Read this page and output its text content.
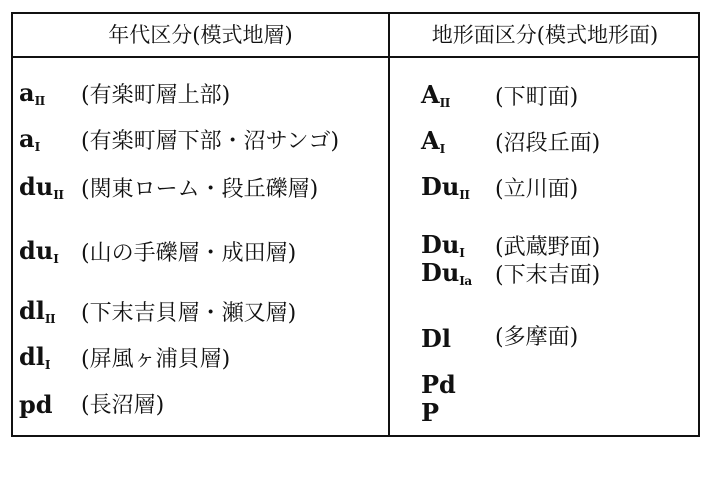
年代区分(模式地層)	地形面区分(模式地形面)
$a_{II}$ (有楽町層上部)
$a_I$ (有楽町層下部・沼サンゴ)
$du_{II}$ (関東ローム・段丘礫層)
$du_I$ (山の手礫層・成田層)
$dl_{II}$ (下末吉貝層・瀬又層)
$dl_I$ (屏風ヶ浦貝層)
pd (長沼層)
$A_{II}$ (下町面)
$A_I$ (沼段丘面)
$Du_{II}$ (立川面)
$Du_I$ (武蔵野面)
$Du_{Ia}$ (下末吉面)
Dl (多摩面)
Pd
P
